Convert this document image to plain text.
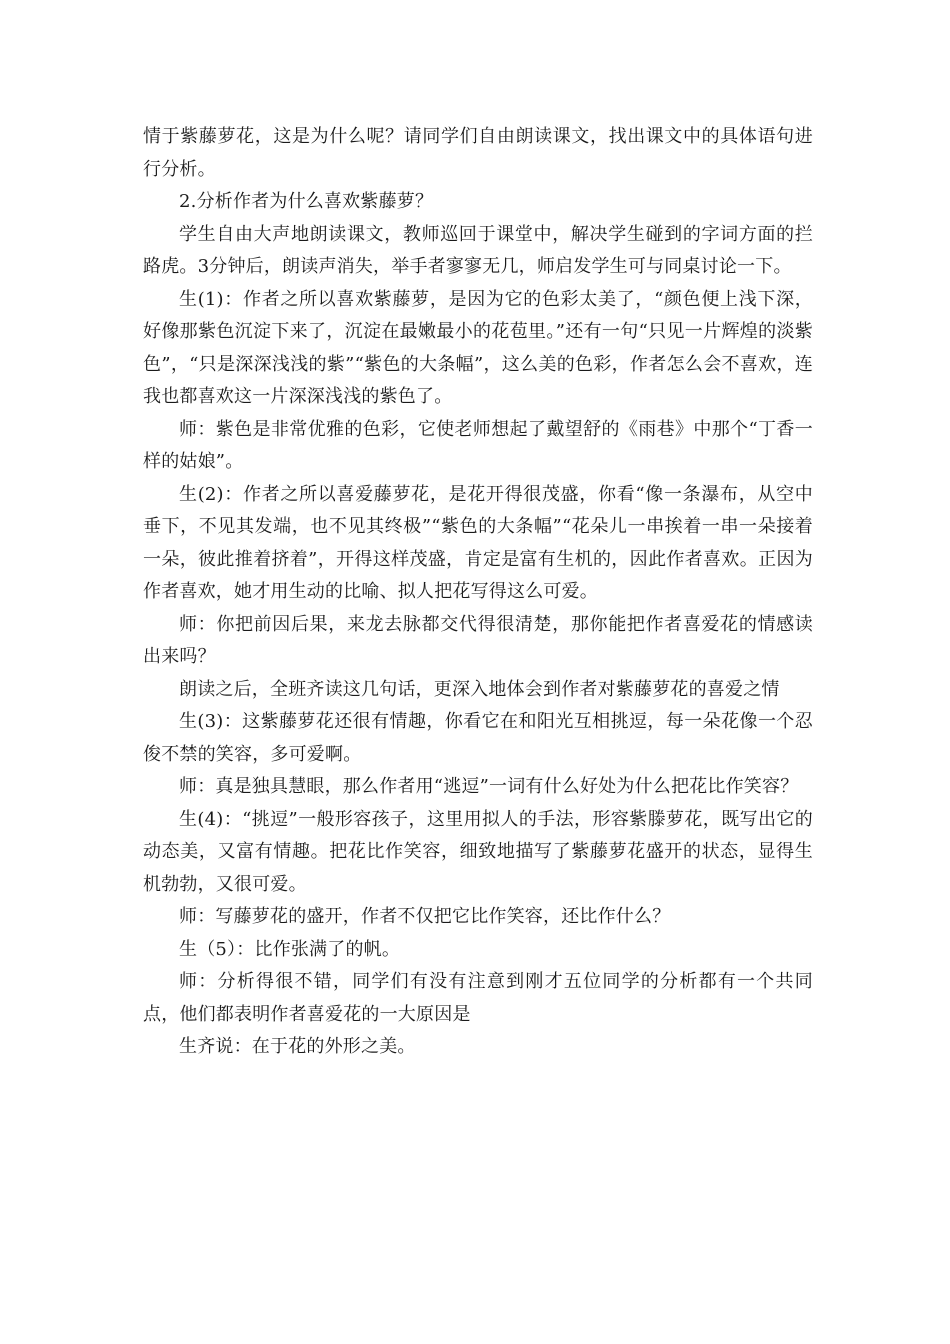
情于紫藤萝花，这是为什么呢？请同学们自由朗读课文，找出课文中的具体语句进行分析。

2.分析作者为什么喜欢紫藤萝？

学生自由大声地朗读课文，教师巡回于课堂中，解决学生碰到的字词方面的拦路虎。3分钟后，朗读声消失，举手者寥寥无几，师启发学生可与同桌讨论一下。

生(1)：作者之所以喜欢紫藤萝，是因为它的色彩太美了，“颜色便上浅下深，好像那紫色沉淀下来了，沉淀在最嫩最小的花苞里。”还有一句“只见一片辉煌的淡紫色”，“只是深深浅浅的紫”“紫色的大条幅”，这么美的色彩，作者怎么会不喜欢，连我也都喜欢这一片深深浅浅的紫色了。

师：紫色是非常优雅的色彩，它使老师想起了戴望舒的《雨巷》中那个“丁香一样的姑娘”。

生(2)：作者之所以喜爱藤萝花，是花开得很茂盛，你看“像一条瀑布，从空中垂下，不见其发端，也不见其终极”“紫色的大条幅”“花朵儿一串挨着一串一朵接着一朵，彼此推着挤着”，开得这样茂盛，肯定是富有生机的，因此作者喜欢。正因为作者喜欢，她才用生动的比喻、拟人把花写得这么可爱。

师：你把前因后果，来龙去脉都交代得很清楚，那你能把作者喜爱花的情感读出来吗？

朗读之后，全班齐读这几句话，更深入地体会到作者对紫藤萝花的喜爱之情

生(3)：这紫藤萝花还很有情趣，你看它在和阳光互相挑逗，每一朵花像一个忍俊不禁的笑容，多可爱啊。

师：真是独具慧眼，那么作者用“逃逗”一词有什么好处为什么把花比作笑容？

生(4)：“挑逗”一般形容孩子，这里用拟人的手法，形容紫滕萝花，既写出它的动态美，又富有情趣。把花比作笑容，细致地描写了紫藤萝花盛开的状态，显得生机勃勃，又很可爱。

师：写藤萝花的盛开，作者不仅把它比作笑容，还比作什么？

生（5）：比作张满了的帆。

师：分析得很不错，同学们有没有注意到刚才五位同学的分析都有一个共同点，他们都表明作者喜爱花的一大原因是

生齐说：在于花的外形之美。
